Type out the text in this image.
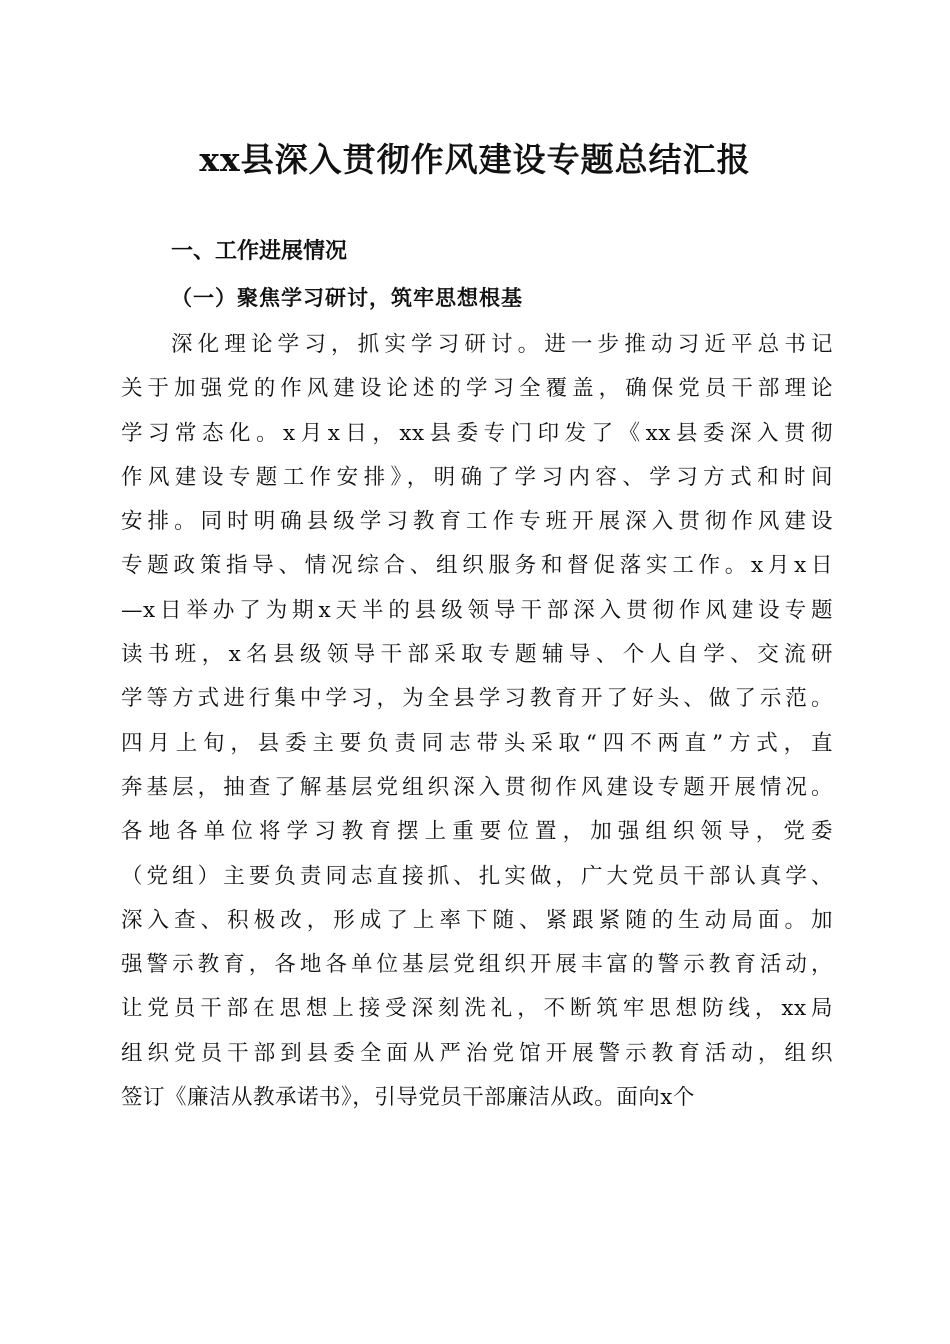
xx县深入贯彻作风建设专题总结汇报
一、工作进展情况
（一）聚焦学习研讨，筑牢思想根基
深化理论学习，抓实学习研讨。进一步推动习近平总书记
关于加强党的作风建设论述的学习全覆盖，确保党员干部理论
学习常态化。x月x日，xx县委专门印发了《xx县委深入贯彻
作风建设专题工作安排》，明确了学习内容、学习方式和时间
安排。同时明确县级学习教育工作专班开展深入贯彻作风建设
专题政策指导、情况综合、组织服务和督促落实工作。x月x日
—x日举办了为期x天半的县级领导干部深入贯彻作风建设专题
读书班，x名县级领导干部采取专题辅导、个人自学、交流研
学等方式进行集中学习，为全县学习教育开了好头、做了示范。
四月上旬，县委主要负责同志带头采取“四不两直”方式，直
奔基层，抽查了解基层党组织深入贯彻作风建设专题开展情况。
各地各单位将学习教育摆上重要位置，加强组织领导，党委
（党组）主要负责同志直接抓、扎实做，广大党员干部认真学、
深入查、积极改，形成了上率下随、紧跟紧随的生动局面。加
强警示教育，各地各单位基层党组织开展丰富的警示教育活动，
让党员干部在思想上接受深刻洗礼，不断筑牢思想防线，xx局
组织党员干部到县委全面从严治党馆开展警示教育活动，组织
签订《廉洁从教承诺书》，引导党员干部廉洁从政。面向x个
